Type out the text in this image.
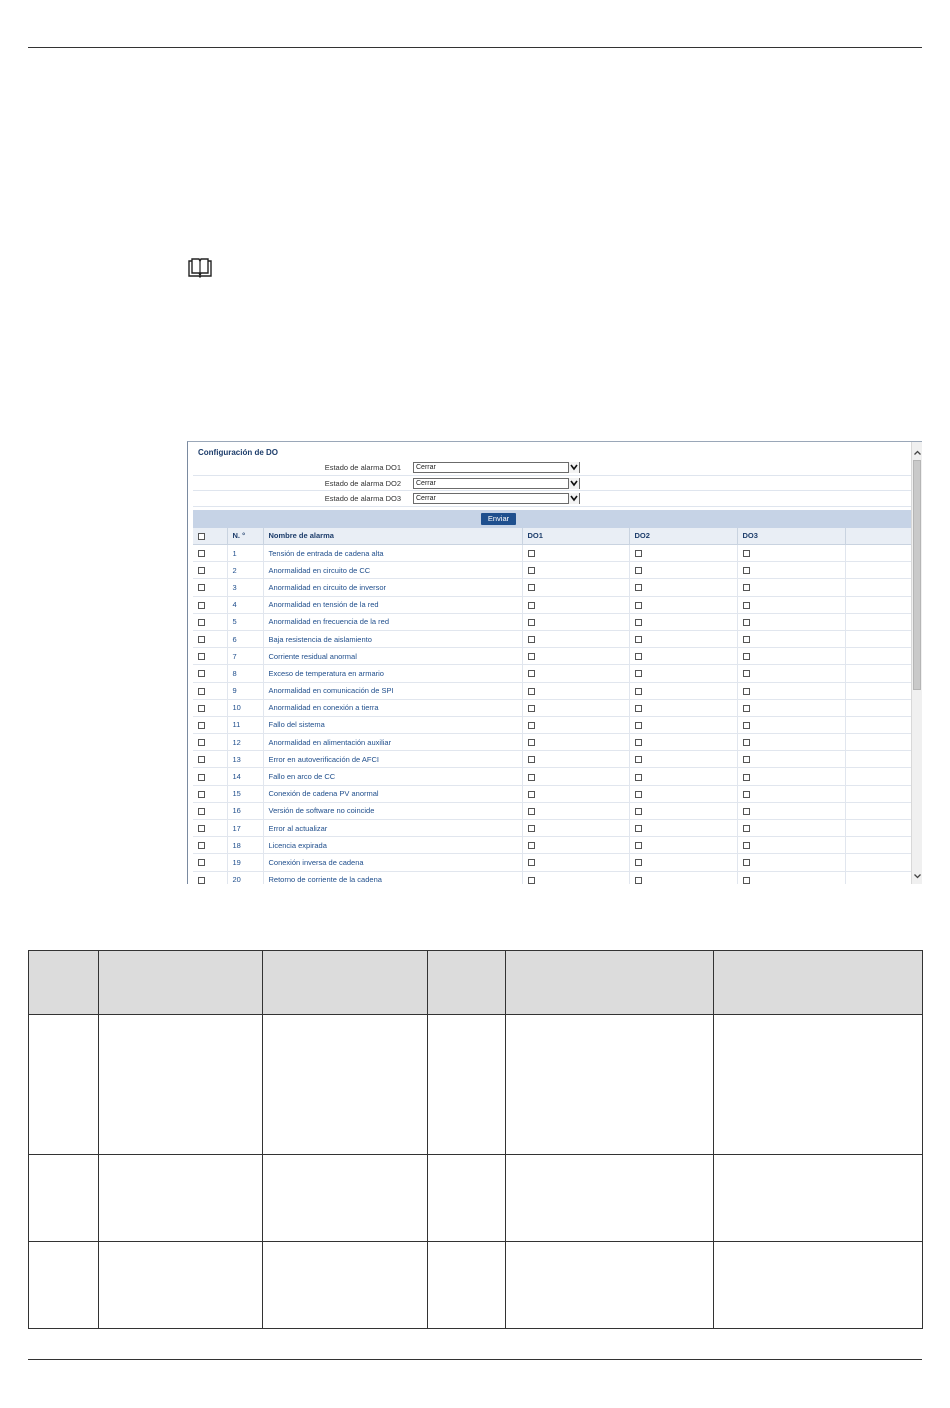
Configuración de DO
Estado de alarma DO1	Cerrar
Estado de alarma DO2	Cerrar
Estado de alarma DO3	Cerrar
Enviar
	N. °	Nombre de alarma	DO1	DO2	DO3	
	1	Tensión de entrada de cadena alta				
	2	Anormalidad en circuito de CC				
	3	Anormalidad en circuito de inversor				
	4	Anormalidad en tensión de la red				
	5	Anormalidad en frecuencia de la red				
	6	Baja resistencia de aislamiento				
	7	Corriente residual anormal				
	8	Exceso de temperatura en armario				
	9	Anormalidad en comunicación de SPI				
	10	Anormalidad en conexión a tierra				
	11	Fallo del sistema				
	12	Anormalidad en alimentación auxiliar				
	13	Error en autoverificación de AFCI				
	14	Fallo en arco de CC				
	15	Conexión de cadena PV anormal				
	16	Versión de software no coincide				
	17	Error al actualizar				
	18	Licencia expirada				
	19	Conexión inversa de cadena				
	20	Retorno de corriente de la cadena				
